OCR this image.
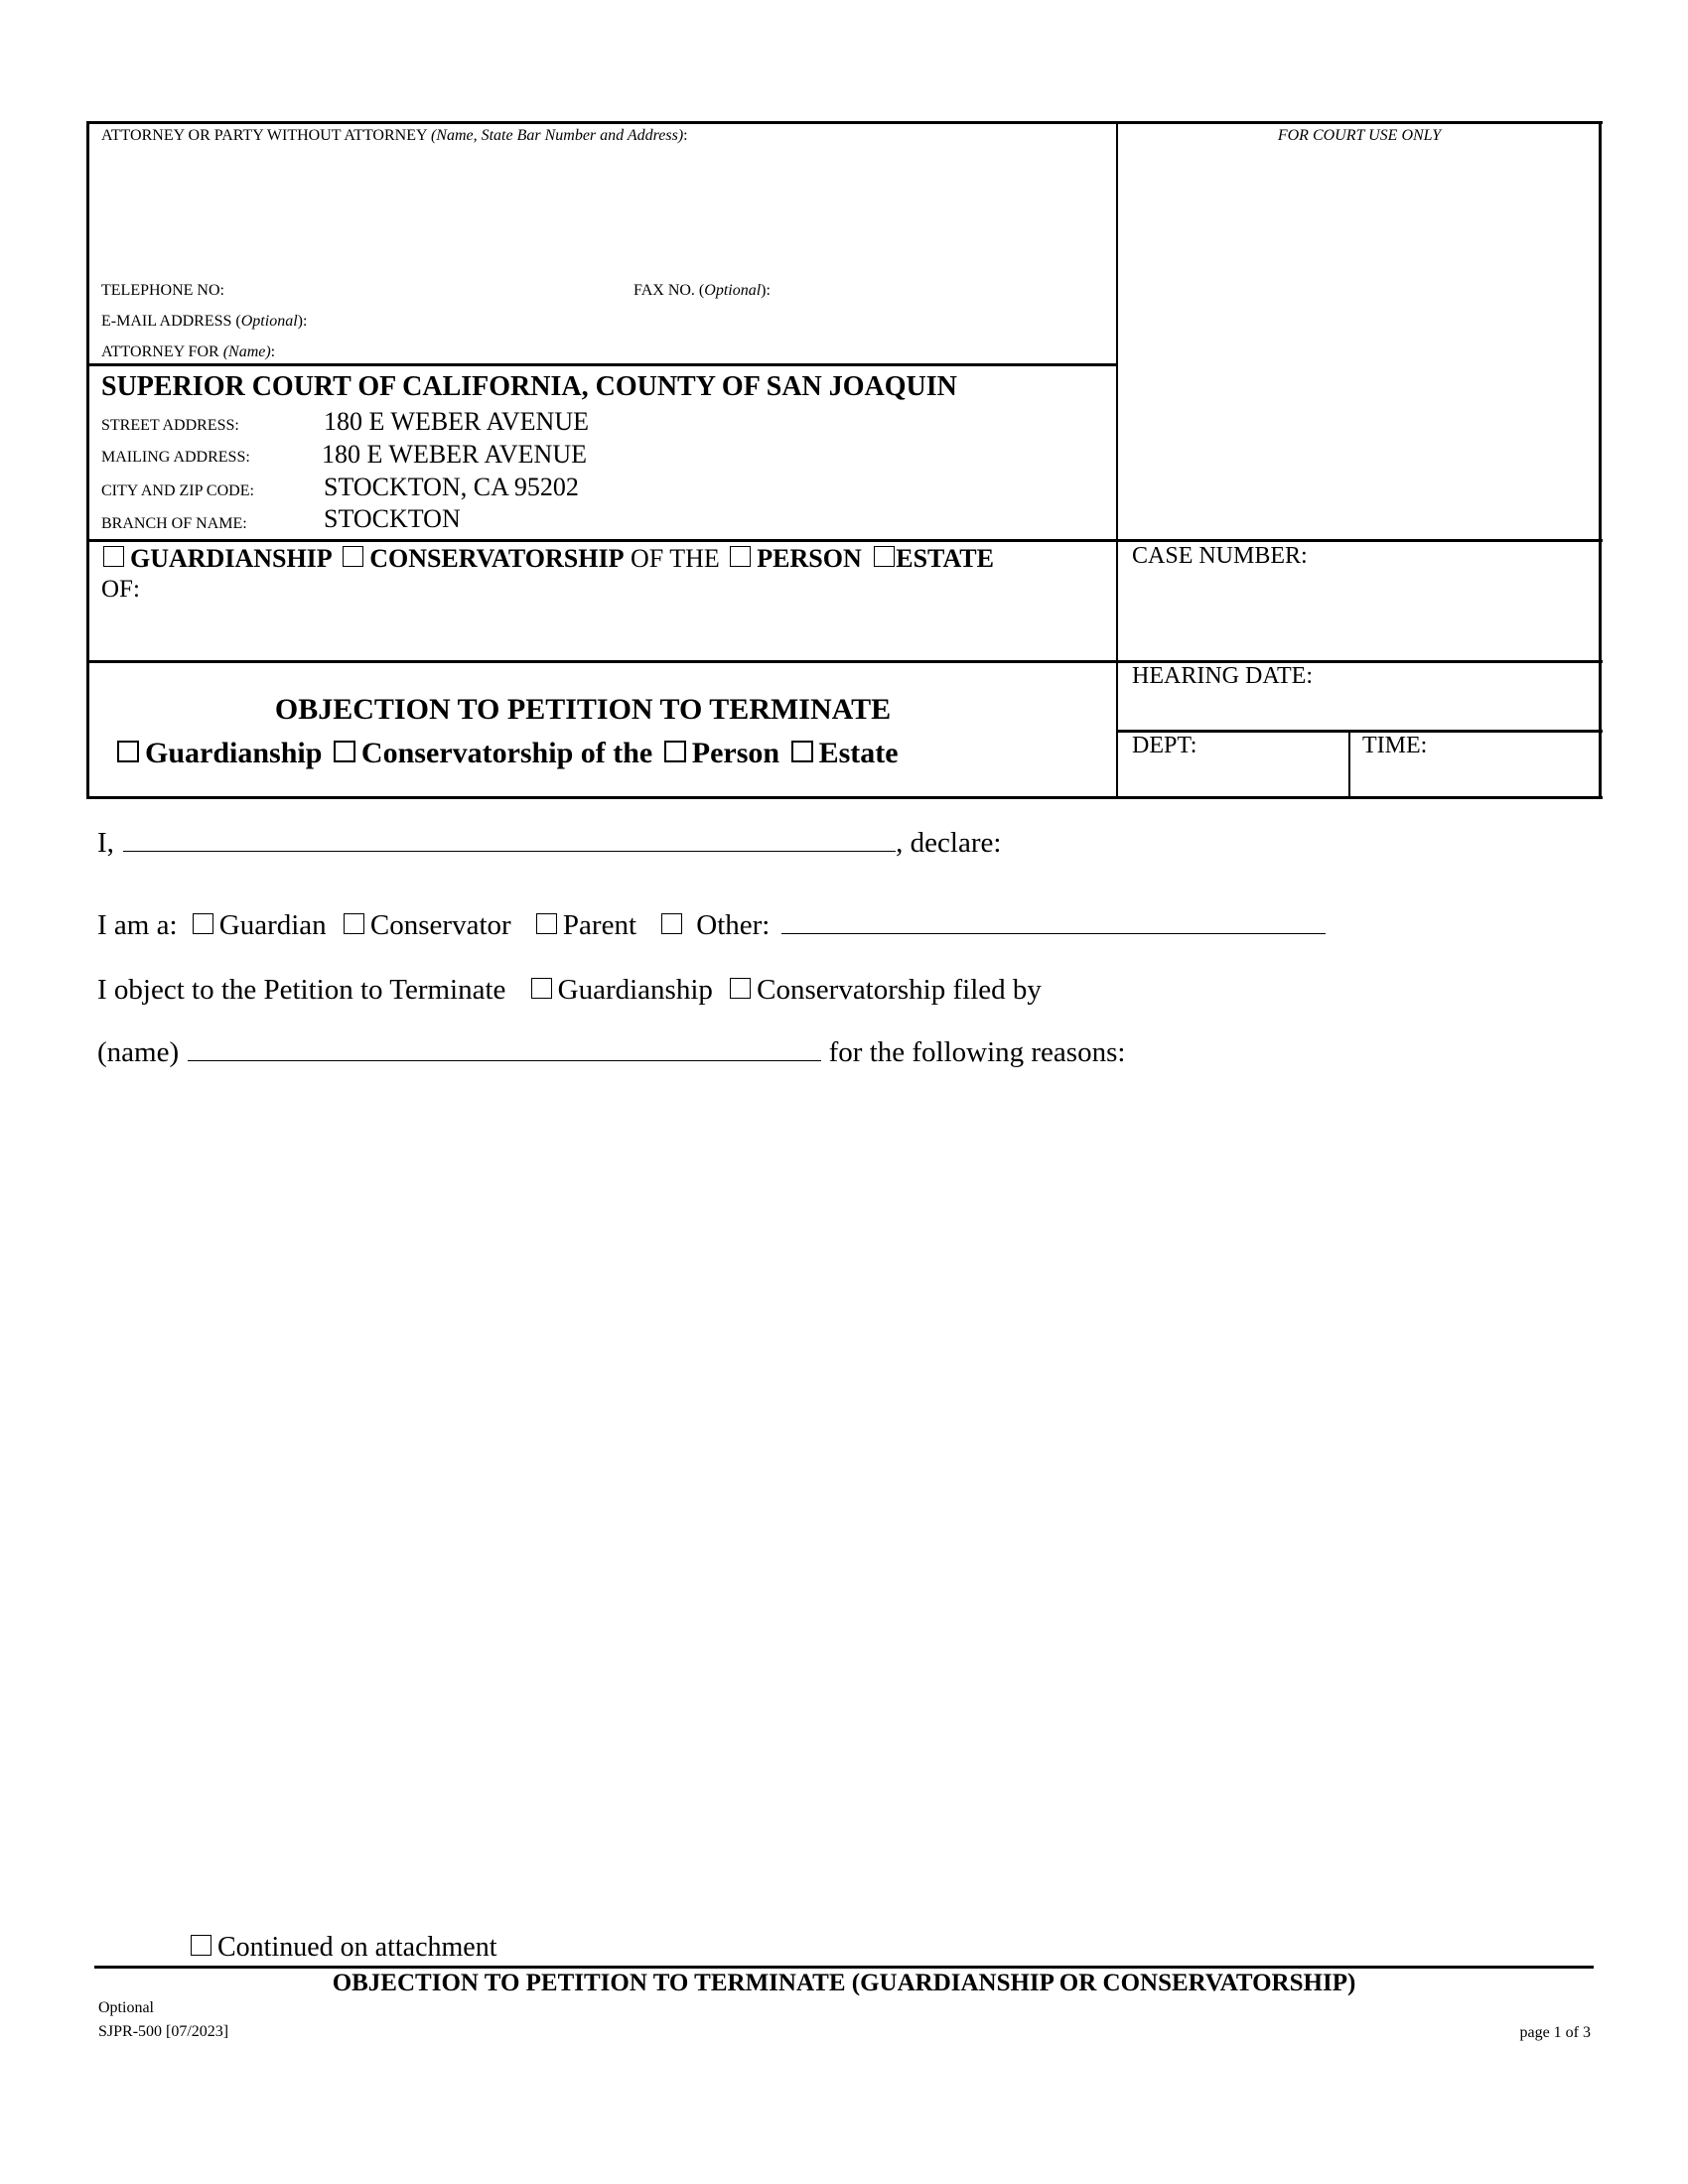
ATTORNEY OR PARTY WITHOUT ATTORNEY (Name, State Bar Number and Address):
TELEPHONE NO:	FAX NO. (Optional):
E-MAIL ADDRESS (Optional):
ATTORNEY FOR (Name):
FOR COURT USE ONLY
SUPERIOR COURT OF CALIFORNIA, COUNTY OF SAN JOAQUIN
STREET ADDRESS:	180 E WEBER AVENUE
MAILING ADDRESS:	180 E WEBER AVENUE
CITY AND ZIP CODE:	STOCKTON, CA 95202
BRANCH OF NAME:	STOCKTON
GUARDIANSHIP CONSERVATORSHIP OF THE PERSON ESTATE
OF:
CASE NUMBER:
HEARING DATE:
DEPT:	TIME:
OBJECTION TO PETITION TO TERMINATE
Guardianship Conservatorship of the Person Estate
I,	, declare:
I am a: Guardian Conservator Parent Other:
I object to the Petition to Terminate Guardianship Conservatorship filed by
(name)	for the following reasons:
Continued on attachment
OBJECTION TO PETITION TO TERMINATE (GUARDIANSHIP OR CONSERVATORSHIP)
Optional
SJPR-500 [07/2023]	page 1 of 3
